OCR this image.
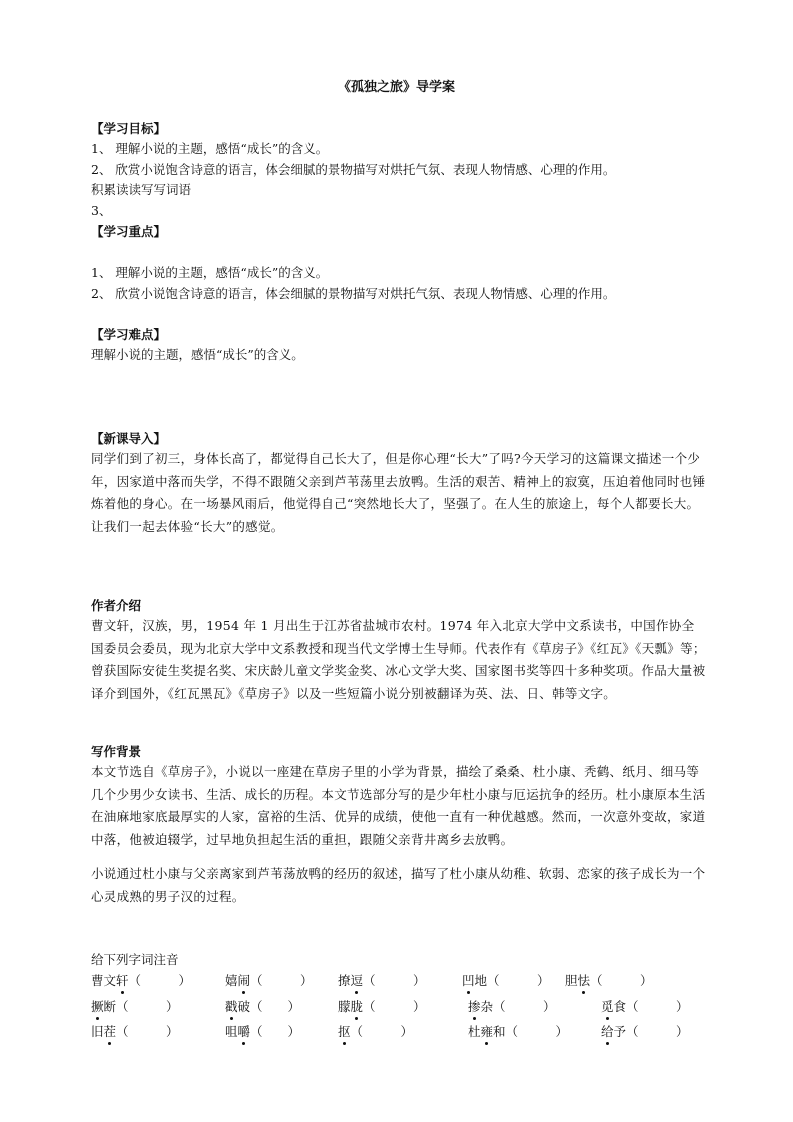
《孤独之旅》导学案
【学习目标】
1、 理解小说的主题，感悟“成长”的含义。
2、 欣赏小说饱含诗意的语言，体会细腻的景物描写对烘托气氛、表现人物情感、心理的作用。
积累读读写写词语
3、
【学习重点】
1、 理解小说的主题，感悟“成长”的含义。
2、 欣赏小说饱含诗意的语言，体会细腻的景物描写对烘托气氛、表现人物情感、心理的作用。
【学习难点】
理解小说的主题，感悟“成长”的含义。
【新课导入】
同学们到了初三，身体长高了，都觉得自己长大了，但是你心理“长大”了吗?今天学习的这篇课文描述一个少年，因家道中落而失学，不得不跟随父亲到芦苇荡里去放鸭。生活的艰苦、精神上的寂寞，压迫着他同时也锤炼着他的身心。在一场暴风雨后，他觉得自己“突然地长大了，坚强了。在人生的旅途上，每个人都要长大。让我们一起去体验“长大”的感觉。
作者介绍
曹文轩，汉族，男，1954 年 1 月出生于江苏省盐城市农村。1974 年入北京大学中文系读书，中国作协全国委员会委员，现为北京大学中文系教授和现当代文学博士生导师。代表作有《草房子》《红瓦》《天瓢》等；曾获国际安徒生奖提名奖、宋庆龄儿童文学奖金奖、冰心文学大奖、国家图书奖等四十多种奖项。作品大量被译介到国外，《红瓦黑瓦》《草房子》以及一些短篇小说分别被翻译为英、法、日、韩等文字。
写作背景
本文节选自《草房子》，小说以一座建在草房子里的小学为背景，描绘了桑桑、杜小康、秃鹤、纸月、细马等几个少男少女读书、生活、成长的历程。本文节选部分写的是少年杜小康与厄运抗争的经历。杜小康原本生活在油麻地家底最厚实的人家，富裕的生活、优异的成绩，使他一直有一种优越感。然而，一次意外变故，家道中落，他被迫辍学，过早地负担起生活的重担，跟随父亲背井离乡去放鸭。
小说通过杜小康与父亲离家到芦苇荡放鸭的经历的叙述，描写了杜小康从幼稚、软弱、恋家的孩子成长为一个心灵成熟的男子汉的过程。
给下列字词注音
曹文轩（　　　）	嬉闹（　　　） 撩逗（　　　）	凹地（　　　） 胆怯（　　　）
撅断（　　　）	戳破（　　）	朦胧（　　　）	掺杂（　　　）	觅食（　　　）
旧茬（　　　）	咀嚼（　　）	抠（　　　）	杜雍和（　　　）	给予（　　　）
